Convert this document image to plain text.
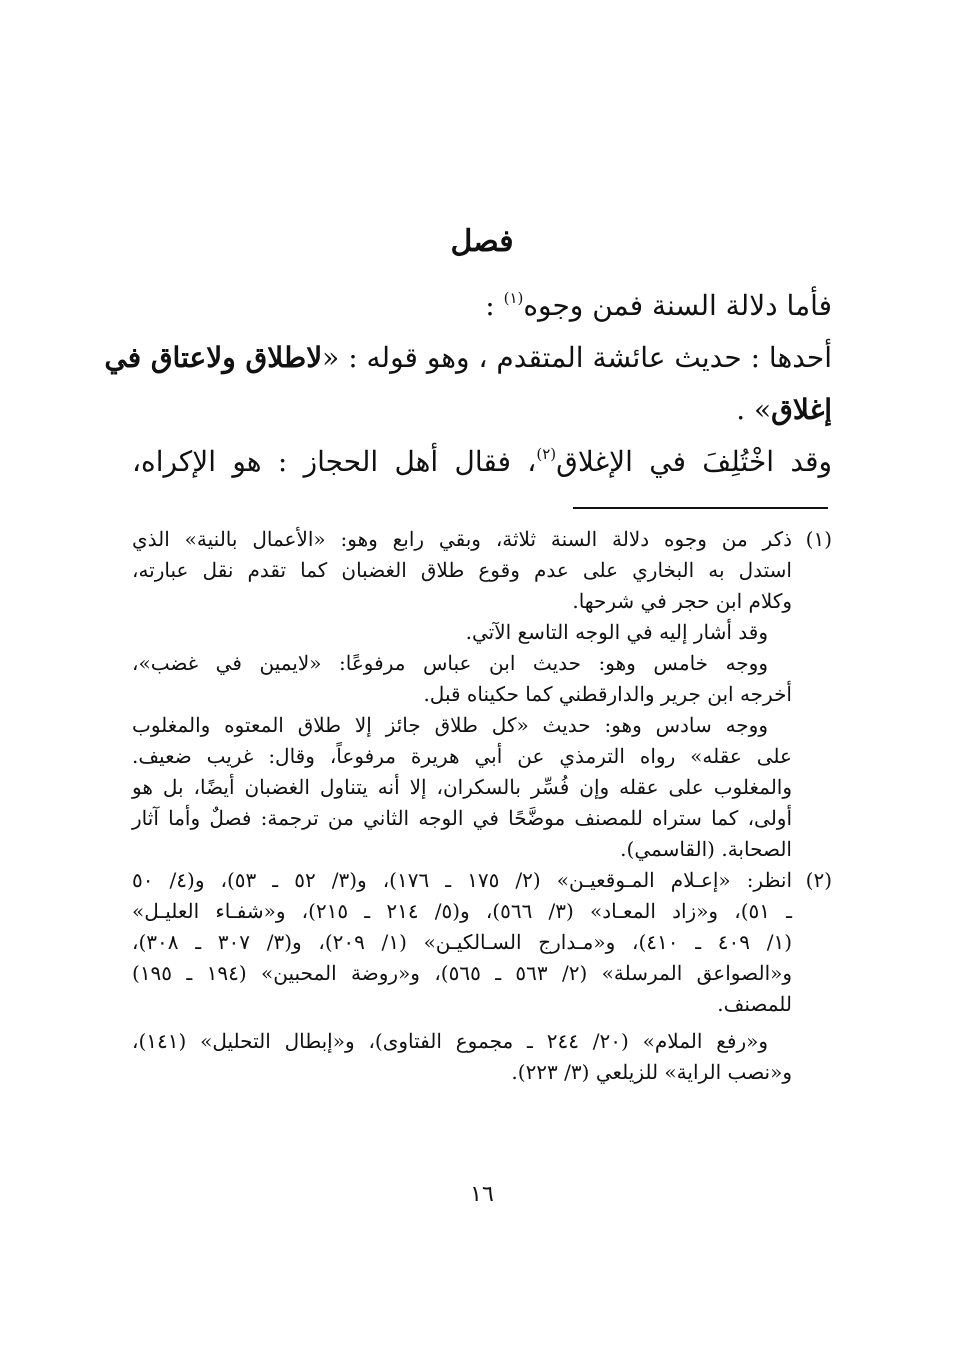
فصل
فأما دلالة السنة فمن وجوه$^{(١)}$ :
أحدها : حديث عائشة المتقدم ، وهو قوله : «لاطلاق ولاعتاق في
إغلاق» .
وقد اخْتُلِفَ في الإغلاق$^{(٢)}$، فقال أهل الحجاز : هو الإكراه،
(١)
ذكر من وجوه دلالة السنة ثلاثة، وبقي رابع وهو: «الأعمال بالنية» الذي
استدل به البخاري على عدم وقوع طلاق الغضبان كما تقدم نقل عبارته،
وكلام ابن حجر في شرحها.
وقد أشار إليه في الوجه التاسع الآتي.
ووجه خامس وهو: حديث ابن عباس مرفوعًا: «لايمين في غضب»،
أخرجه ابن جرير والدارقطني كما حكيناه قبل.
ووجه سادس وهو: حديث «كل طلاق جائز إلا طلاق المعتوه والمغلوب
على عقله» رواه الترمذي عن أبي هريرة مرفوعاً، وقال: غريب ضعيف.
والمغلوب على عقله وإن فُسِّر بالسكران، إلا أنه يتناول الغضبان أيضًا، بل هو
أولى، كما ستراه للمصنف موضَّحًا في الوجه الثاني من ترجمة: فصلٌ وأما آثار
الصحابة. (القاسمي).
(٢)
انظر: «إعـلام المـوقعيـن» (٢/ ١٧٥ ـ ١٧٦)، و(٣/ ٥٢ ـ ٥٣)، و(٤/ ٥٠
ـ ٥١)، و«زاد المعـاد» (٣/ ٥٦٦)، و(٥/ ٢١٤ ـ ٢١٥)، و«شفـاء العليـل»
(١/ ٤٠٩ ـ ٤١٠)، و«مـدارج السـالكيـن» (١/ ٢٠٩)، و(٣/ ٣٠٧ ـ ٣٠٨)،
و«الصواعق المرسلة» (٢/ ٥٦٣ ـ ٥٦٥)، و«روضة المحبين» (١٩٤ ـ ١٩٥)
للمصنف.
و«رفع الملام» (٢٠/ ٢٤٤ ـ مجموع الفتاوى)، و«إبطال التحليل» (١٤١)،
و«نصب الراية» للزيلعي (٣/ ٢٢٣).
١٦
